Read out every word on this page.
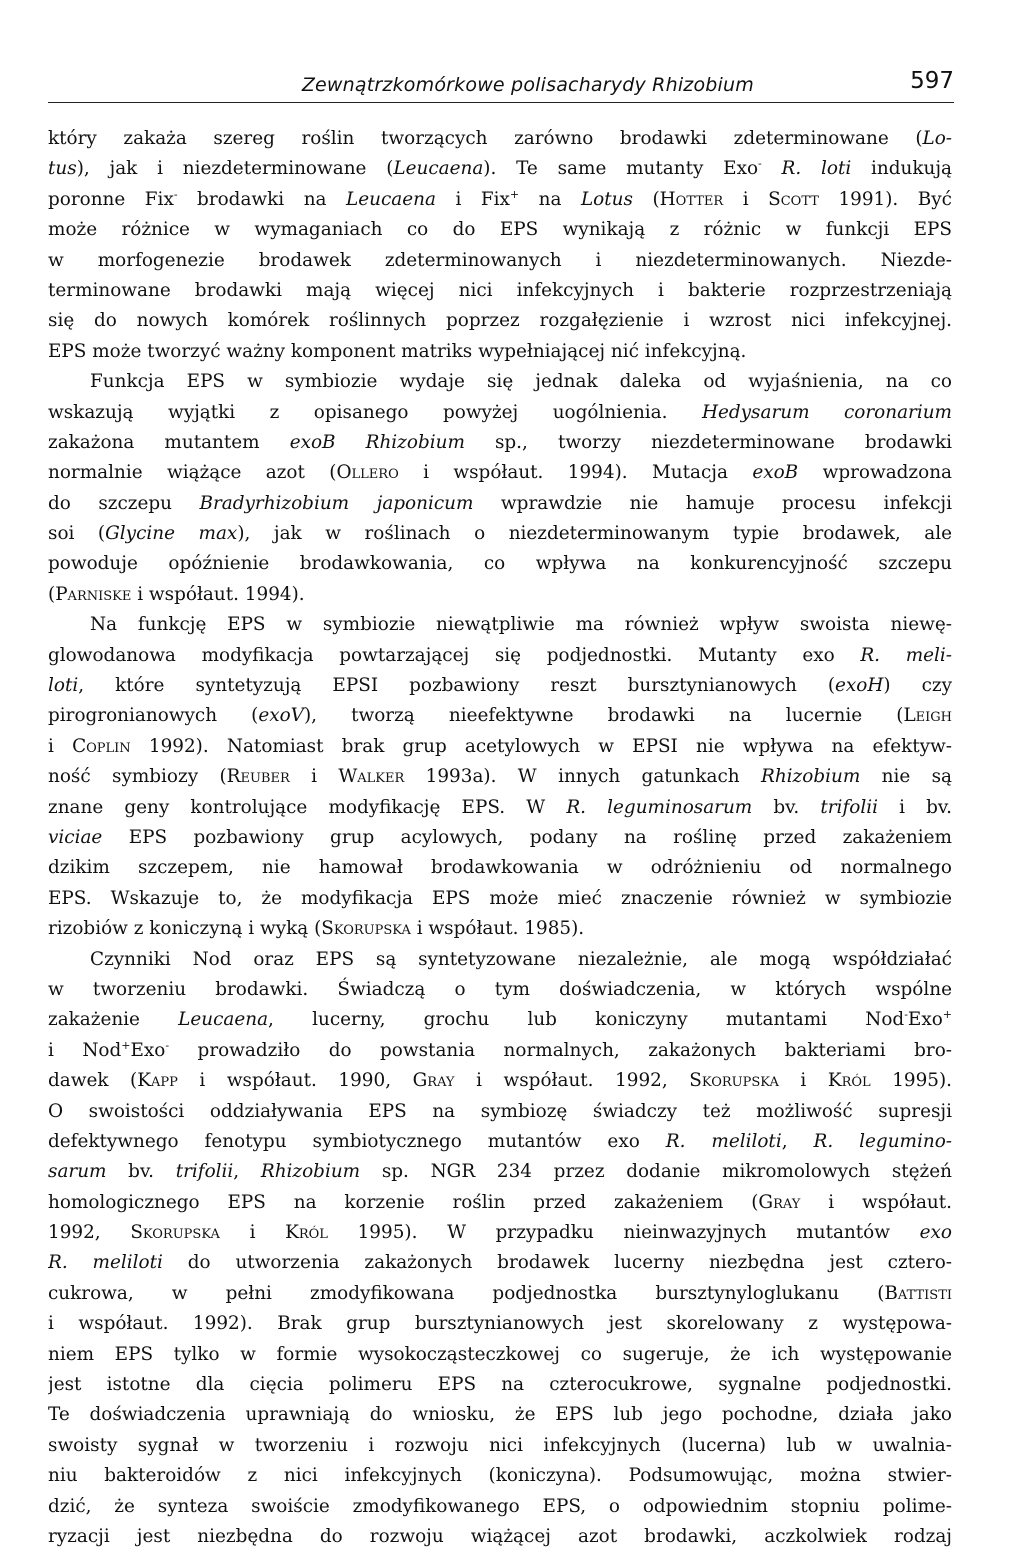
Zewnątrzkomórkowe polisacharydy Rhizobium	597
który zakaża szereg roślin tworzących zarówno brodawki zdeterminowane (Lo-
tus), jak i niezdeterminowane (Leucaena). Te same mutanty Exo- R. loti indukują
poronne Fix- brodawki na Leucaena i Fix+ na Lotus (Hotter i Scott 1991). Być
może różnice w wymaganiach co do EPS wynikają z różnic w funkcji EPS
w morfogenezie brodawek zdeterminowanych i niezdeterminowanych. Niezde-
terminowane brodawki mają więcej nici infekcyjnych i bakterie rozprzestrzeniają
się do nowych komórek roślinnych poprzez rozgałęzienie i wzrost nici infekcyjnej.
EPS może tworzyć ważny komponent matriks wypełniającej nić infekcyjną.
Funkcja EPS w symbiozie wydaje się jednak daleka od wyjaśnienia, na co
wskazują wyjątki z opisanego powyżej uogólnienia. Hedysarum coronarium
zakażona mutantem exoB Rhizobium sp., tworzy niezdeterminowane brodawki
normalnie wiążące azot (Ollero i współaut. 1994). Mutacja exoB wprowadzona
do szczepu Bradyrhizobium japonicum wprawdzie nie hamuje procesu infekcji
soi (Glycine max), jak w roślinach o niezdeterminowanym typie brodawek, ale
powoduje opóźnienie brodawkowania, co wpływa na konkurencyjność szczepu
(Parniske i współaut. 1994).
Na funkcję EPS w symbiozie niewątpliwie ma również wpływ swoista niewę-
glowodanowa modyfikacja powtarzającej się podjednostki. Mutanty exo R. meli-
loti, które syntetyzują EPSI pozbawiony reszt bursztynianowych (exoH) czy
pirogronianowych (exoV), tworzą nieefektywne brodawki na lucernie (Leigh
i Coplin 1992). Natomiast brak grup acetylowych w EPSI nie wpływa na efektyw-
ność symbiozy (Reuber i Walker 1993a). W innych gatunkach Rhizobium nie są
znane geny kontrolujące modyfikację EPS. W R. leguminosarum bv. trifolii i bv.
viciae EPS pozbawiony grup acylowych, podany na roślinę przed zakażeniem
dzikim szczepem, nie hamował brodawkowania w odróżnieniu od normalnego
EPS. Wskazuje to, że modyfikacja EPS może mieć znaczenie również w symbiozie
rizobiów z koniczyną i wyką (Skorupska i współaut. 1985).
Czynniki Nod oraz EPS są syntetyzowane niezależnie, ale mogą współdziałać
w tworzeniu brodawki. Świadczą o tym doświadczenia, w których wspólne
zakażenie Leucaena, lucerny, grochu lub koniczyny mutantami Nod-Exo+
i Nod+Exo- prowadziło do powstania normalnych, zakażonych bakteriami bro-
dawek (Kapp i współaut. 1990, Gray i współaut. 1992, Skorupska i Król 1995).
O swoistości oddziaływania EPS na symbiozę świadczy też możliwość supresji
defektywnego fenotypu symbiotycznego mutantów exo R. meliloti, R. legumino-
sarum bv. trifolii, Rhizobium sp. NGR 234 przez dodanie mikromolowych stężeń
homologicznego EPS na korzenie roślin przed zakażeniem (Gray i współaut.
1992, Skorupska i Król 1995). W przypadku nieinwazyjnych mutantów exo
R. meliloti do utworzenia zakażonych brodawek lucerny niezbędna jest cztero-
cukrowa, w pełni zmodyfikowana podjednostka bursztynyloglukanu (Battisti
i współaut. 1992). Brak grup bursztynianowych jest skorelowany z występowa-
niem EPS tylko w formie wysokocząsteczkowej co sugeruje, że ich występowanie
jest istotne dla cięcia polimeru EPS na czterocukrowe, sygnalne podjednostki.
Te doświadczenia uprawniają do wniosku, że EPS lub jego pochodne, działa jako
swoisty sygnał w tworzeniu i rozwoju nici infekcyjnych (lucerna) lub w uwalnia-
niu bakteroidów z nici infekcyjnych (koniczyna). Podsumowując, można stwier-
dzić, że synteza swoiście zmodyfikowanego EPS, o odpowiednim stopniu polime-
ryzacji jest niezbędna do rozwoju wiążącej azot brodawki, aczkolwiek rodzaj
